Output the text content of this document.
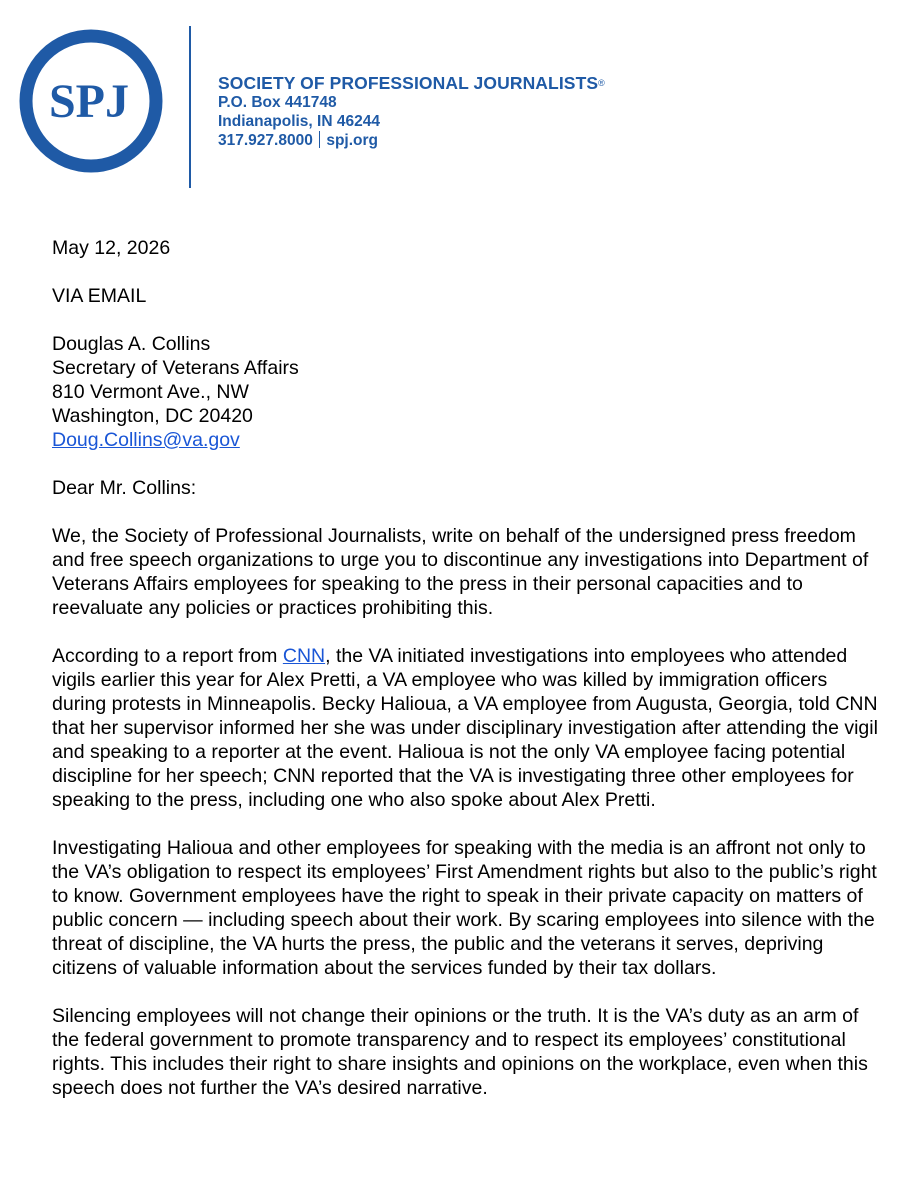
SPJ	SOCIETY OF PROFESSIONAL JOURNALISTS®
P.O. Box 441748
Indianapolis, IN 46244
317.927.8000 spj.org

May 12, 2026

VIA EMAIL

Douglas A. Collins

Secretary of Veterans Affairs

810 Vermont Ave., NW

Washington, DC 20420

Doug.Collins@va.gov

Dear Mr. Collins:

We, the Society of Professional Journalists, write on behalf of the undersigned press freedom and free speech organizations to urge you to discontinue any investigations into Department of Veterans Affairs employees for speaking to the press in their personal capacities and to reevaluate any policies or practices prohibiting this.

According to a report from CNN, the VA initiated investigations into employees who attended vigils earlier this year for Alex Pretti, a VA employee who was killed by immigration officers during protests in Minneapolis. Becky Halioua, a VA employee from Augusta, Georgia, told CNN that her supervisor informed her she was under disciplinary investigation after attending the vigil and speaking to a reporter at the event. Halioua is not the only VA employee facing potential discipline for her speech; CNN reported that the VA is investigating three other employees for speaking to the press, including one who also spoke about Alex Pretti.

Investigating Halioua and other employees for speaking with the media is an affront not only to the VA’s obligation to respect its employees’ First Amendment rights but also to the public’s right to know. Government employees have the right to speak in their private capacity on matters of public concern — including speech about their work. By scaring employees into silence with the threat of discipline, the VA hurts the press, the public and the veterans it serves, depriving citizens of valuable information about the services funded by their tax dollars.

Silencing employees will not change their opinions or the truth. It is the VA’s duty as an arm of the federal government to promote transparency and to respect its employees’ constitutional rights. This includes their right to share insights and opinions on the workplace, even when this speech does not further the VA’s desired narrative.
